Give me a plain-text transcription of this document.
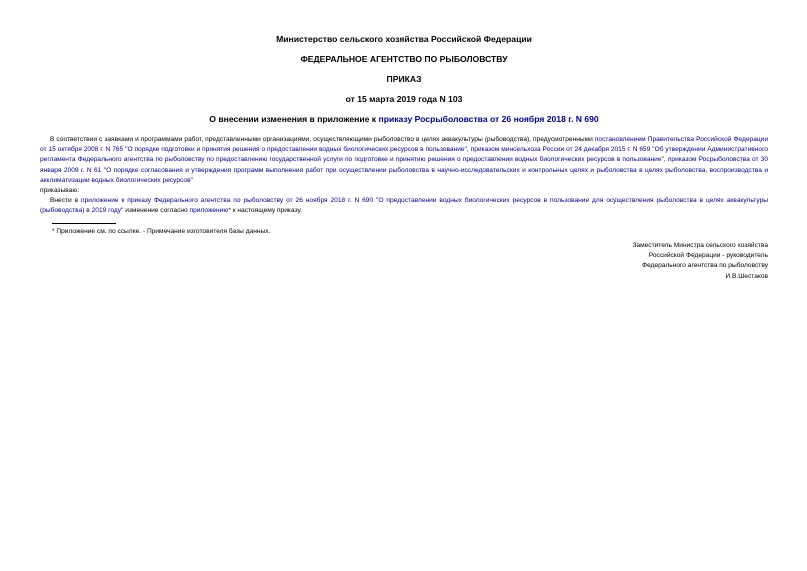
Министерство сельского хозяйства Российской Федерации
ФЕДЕРАЛЬНОЕ АГЕНТСТВО ПО РЫБОЛОВСТВУ
ПРИКАЗ
от 15 марта 2019 года N 103
О внесении изменения в приложение к приказу Росрыболовства от 26 ноября 2018 г. N 690

В соответствии с заявками и программами работ, представленными организациями, осуществляющими рыболовство в целях аквакультуры (рыбоводства), предусмотренными постановлением Правительства Российской Федерации от 15 октября 2008 г. N 765 "О порядке подготовки и принятия решения о предоставлении водных биологических ресурсов в пользование", приказом минсельхоза России от 24 декабря 2015 г. N 659 "Об утверждении Административного регламента Федерального агентства по рыболовству по предоставлению государственной услуги по подготовке и принятию решения о предоставлении водных биологических ресурсов в пользование", приказом Росрыболовства от 30 января 2009 г. N 61 "О порядке согласования и утверждения программ выполнения работ при осуществлении рыболовства в научно-исследовательских и контрольных целях и рыболовства в целях рыболовства, воспроизводства и акклиматизации водных биологических ресурсов"

приказываю:

Внести в приложение к приказу Федерального агентства по рыболовству от 26 ноября 2018 г. N 690 "О предоставлении водных биологических ресурсов в пользование для осуществления рыболовства в целях аквакультуры (рыбоводства) в 2019 году" изменение согласно приложению* к настоящему приказу.

* Приложение см. по ссылке. - Примечание изготовителя базы данных.
Заместитель Министра сельского хозяйства
Российской Федерации - руководитель
Федерального агентства по рыболовству
И.В.Шестаков
